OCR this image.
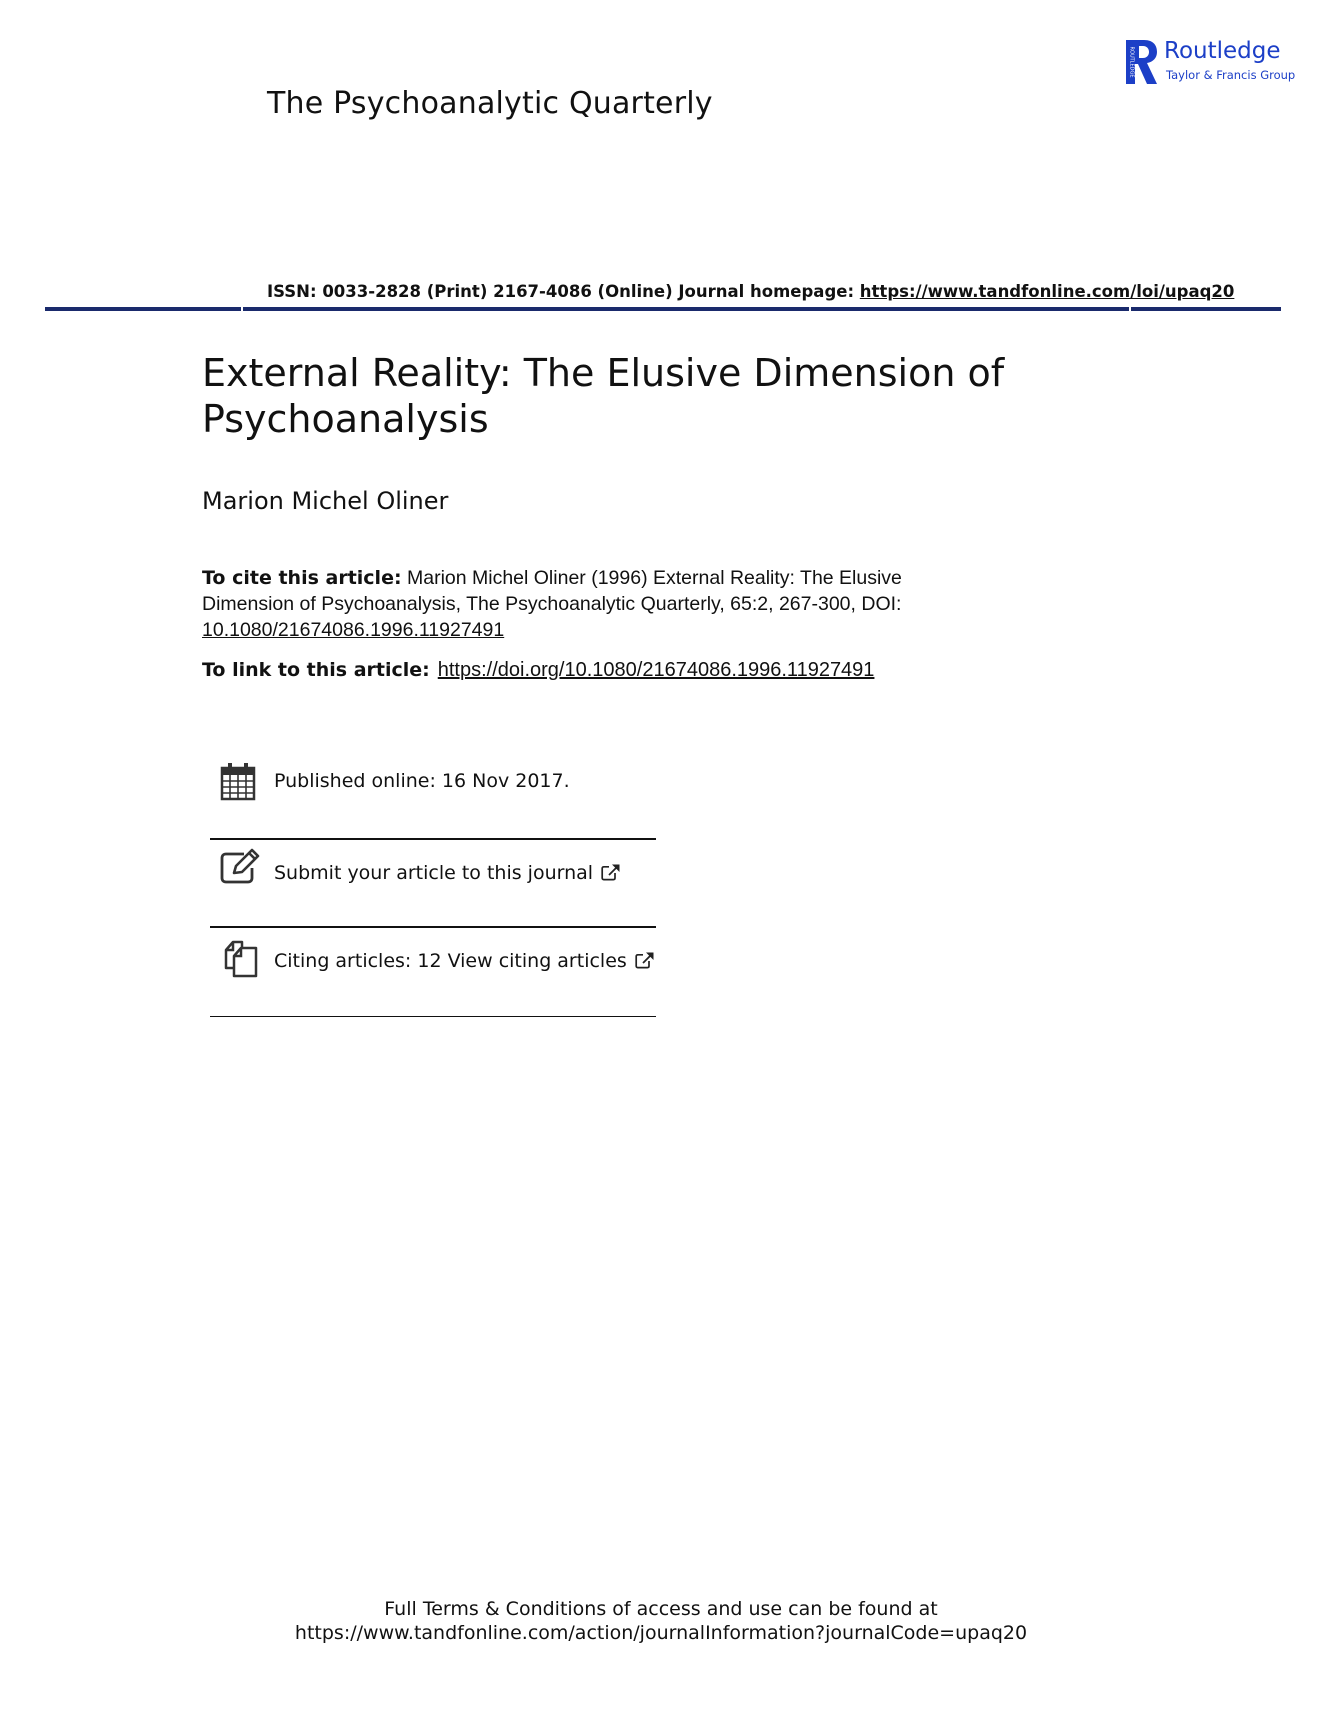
The Psychoanalytic Quarterly
ROUTLEDGE Routledge
Taylor & Francis Group
ISSN: 0033-2828 (Print) 2167-4086 (Online) Journal homepage: https://www.tandfonline.com/loi/upaq20
External Reality: The Elusive Dimension of Psychoanalysis
Marion Michel Oliner
To cite this article: Marion Michel Oliner (1996) External Reality: The Elusive Dimension of Psychoanalysis, The Psychoanalytic Quarterly, 65:2, 267-300, DOI: 10.1080/21674086.1996.11927491
To link to this article: https://doi.org/10.1080/21674086.1996.11927491
Published online: 16 Nov 2017.
Submit your article to this journal
Citing articles: 12 View citing articles
Full Terms & Conditions of access and use can be found at
https://www.tandfonline.com/action/journalInformation?journalCode=upaq20
